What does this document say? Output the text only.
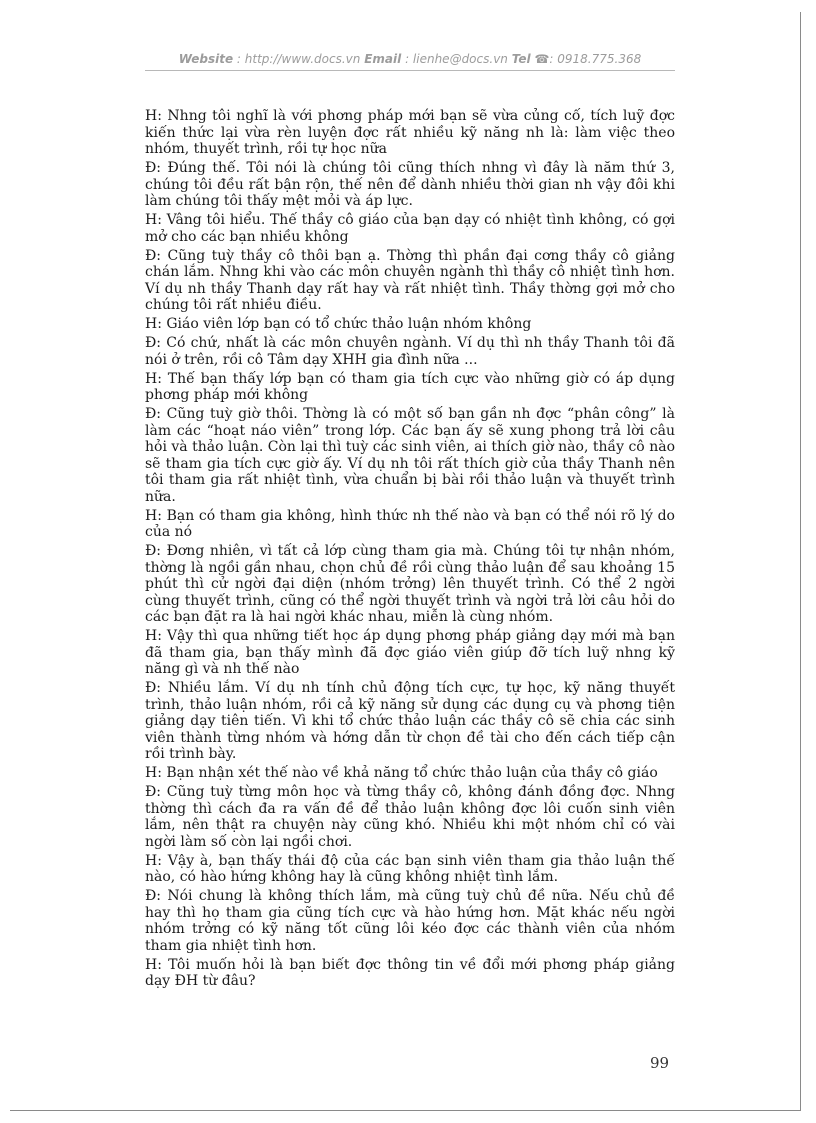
Website : http://www.docs.vn Email : lienhe@docs.vn Tel ☎: 0918.775.368

H: Nhng tôi nghĩ là với phơng pháp mới bạn sẽ vừa củng cố, tích luỹ đợc kiến thức lại vừa rèn luyện đợc rất nhiều kỹ năng nh là: làm việc theo nhóm, thuyết trình, rồi tự học nữa

Đ: Đúng thế. Tôi nói là chúng tôi cũng thích nhng vì đây là năm thứ 3, chúng tôi đều rất bận rộn, thế nên để dành nhiều thời gian nh vậy đôi khi làm chúng tôi thấy mệt mỏi và áp lực.

H: Vâng tôi hiểu. Thế thầy cô giáo của bạn dạy có nhiệt tình không, có gợi mở cho các bạn nhiều không

Đ: Cũng tuỳ thầy cô thôi bạn ạ. Thờng thì phần đại cơng thầy cô giảng chán lắm. Nhng khi vào các môn chuyên ngành thì thầy cô nhiệt tình hơn. Ví dụ nh thầy Thanh dạy rất hay và rất nhiệt tình. Thầy thờng gợi mở cho chúng tôi rất nhiều điều.

H: Giáo viên lớp bạn có tổ chức thảo luận nhóm không

Đ: Có chứ, nhất là các môn chuyên ngành. Ví dụ thì nh thầy Thanh tôi đã nói ở trên, rồi cô Tâm dạy XHH gia đình nữa ...

H: Thế bạn thấy lớp bạn có tham gia tích cực vào những giờ có áp dụng phơng pháp mới không

Đ: Cũng tuỳ giờ thôi. Thờng là có một số bạn gần nh đợc “phân công” là làm các “hoạt náo viên” trong lớp. Các bạn ấy sẽ xung phong trả lời câu hỏi và thảo luận. Còn lại thì tuỳ các sinh viên, ai thích giờ nào, thầy cô nào sẽ tham gia tích cực giờ ấy. Ví dụ nh tôi rất thích giờ của thầy Thanh nên tôi tham gia rất nhiệt tình, vừa chuẩn bị bài rồi thảo luận và thuyết trình nữa.

H: Bạn có tham gia không, hình thức nh thế nào và bạn có thể nói rõ lý do của nó

Đ: Đơng nhiên, vì tất cả lớp cùng tham gia mà. Chúng tôi tự nhận nhóm, thờng là ngồi gần nhau, chọn chủ đề rồi cùng thảo luận để sau khoảng 15 phút thì cử ngời đại diện (nhóm trởng) lên thuyết trình. Có thể 2 ngời cùng thuyết trình, cũng có thể ngời thuyết trình và ngời trả lời câu hỏi do các bạn đặt ra là hai ngời khác nhau, miễn là cùng nhóm.

H: Vậy thì qua những tiết học áp dụng phơng pháp giảng dạy mới mà bạn đã tham gia, bạn thấy mình đã đợc giáo viên giúp đỡ tích luỹ nhng kỹ năng gì và nh thế nào

Đ: Nhiều lắm. Ví dụ nh tính chủ động tích cực, tự học, kỹ năng thuyết trình, thảo luận nhóm, rồi cả kỹ năng sử dụng các dụng cụ và phơng tiện giảng dạy tiên tiến. Vì khi tổ chức thảo luận các thầy cô sẽ chia các sinh viên thành từng nhóm và hớng dẫn từ chọn đề tài cho đến cách tiếp cận rồi trình bày.

H: Bạn nhận xét thế nào về khả năng tổ chức thảo luận của thầy cô giáo

Đ: Cũng tuỳ từng môn học và từng thầy cô, không đánh đồng đợc. Nhng thờng thì cách đa ra vấn đề để thảo luận không đợc lôi cuốn sinh viên lắm, nên thật ra chuyện này cũng khó. Nhiều khi một nhóm chỉ có vài ngời làm số còn lại ngồi chơi.

H: Vậy à, bạn thấy thái độ của các bạn sinh viên tham gia thảo luận thế nào, có hào hứng không hay là cũng không nhiệt tình lắm.

Đ: Nói chung là không thích lắm, mà cũng tuỳ chủ đề nữa. Nếu chủ đề hay thì họ tham gia cũng tích cực và hào hứng hơn. Mặt khác nếu ngời nhóm trởng có kỹ năng tốt cũng lôi kéo đợc các thành viên của nhóm tham gia nhiệt tình hơn.

H: Tôi muốn hỏi là bạn biết đợc thông tin về đổi mới phơng pháp giảng dạy ĐH từ đâu?

99
